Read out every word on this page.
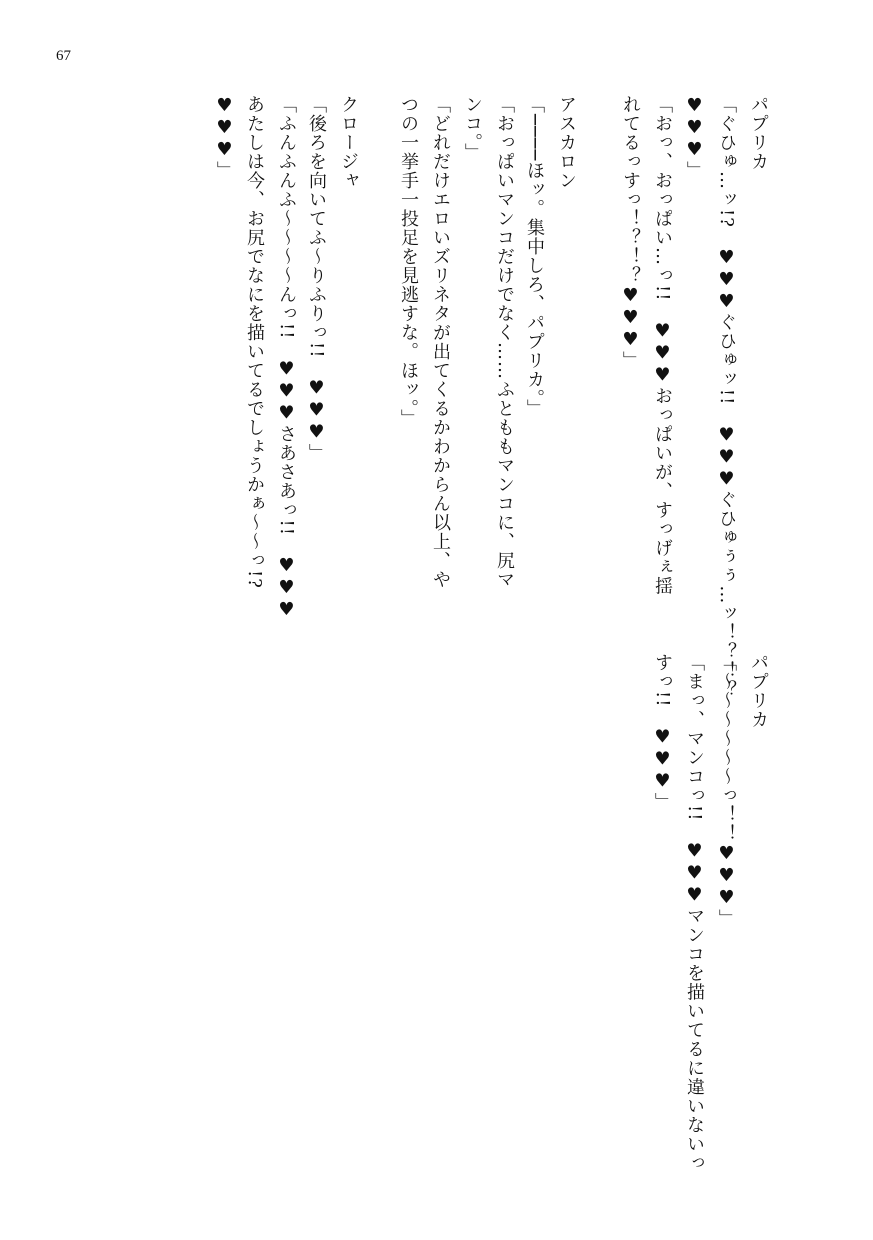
67
パプリカ
「ぐひゅ…ッ!?　♥♥♥ぐひゅッ!!　♥♥♥ぐひゅぅぅ…ッ！？！？
♥♥♥」
「おっ、おっぱい…っ!!　♥♥♥おっぱいが、すっげぇ揺
れてるっすっ！？！？♥♥♥」
アスカロン
「────ほッ。集中しろ、パプリカ。」
「おっぱいマンコだけでなく……ふとももマンコに、尻マ
ンコ。」
「どれだけエロいズリネタが出てくるかわからん以上、や
つの一挙手一投足を見逃すな。ほッ。」
クロージャ
「後ろを向いてふ〜りふりっ!!　♥♥♥」
「ふんふんふ〜〜〜〜んっ!!　♥♥♥さあさあっ!!　♥♥♥
あたしは今、お尻でなにを描いてるでしょうかぁ〜〜っ!?
♥♥♥」
パプリカ
「〜〜〜〜〜〜っ！！♥♥♥」
「まっ、マンコっ!!　♥♥♥マンコを描いてるに違いないっ
すっ!!　♥♥♥」
